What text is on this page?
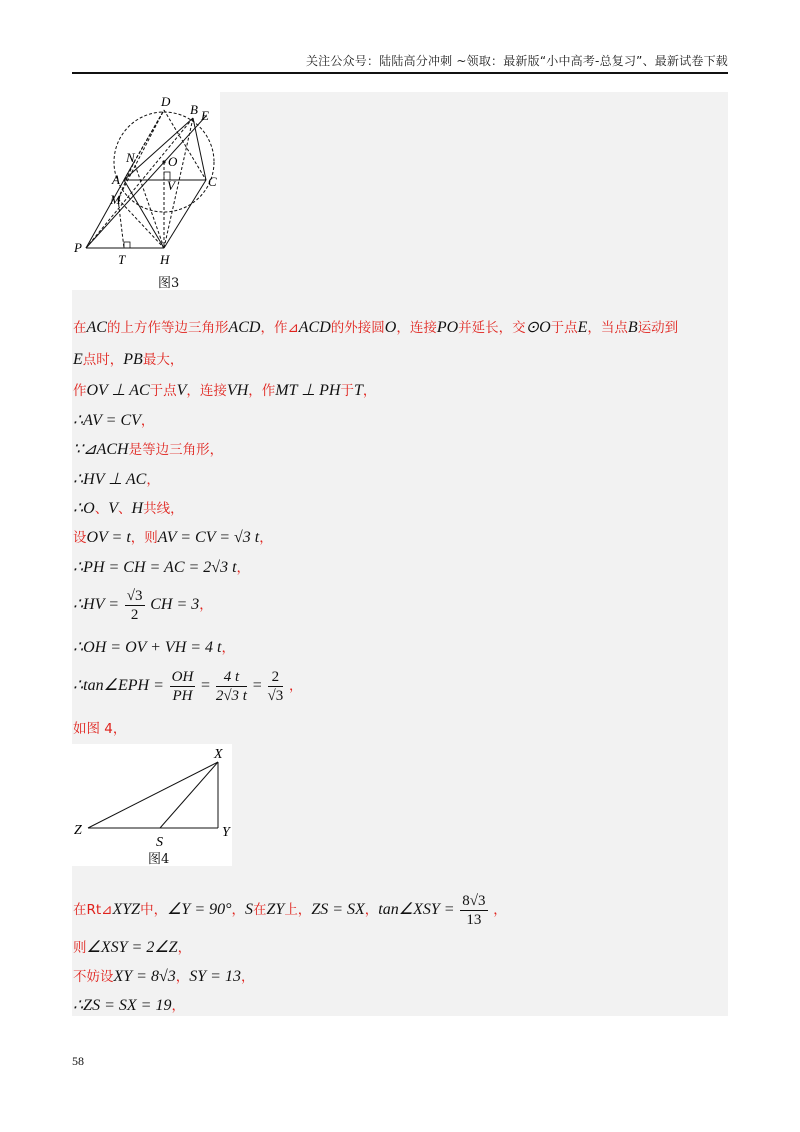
关注公众号：陆陆高分冲刺 ~领取：最新版“小中高考-总复习”、最新试卷下载
D
B E
N	O
A	V	C
M
P
T	H
图3
在AC的上方作等边三角形ACD，作⊿ACD的外接圆O，连接PO并延长，交⊙O于点E，当点B运动到
E点时，PB最大，
作OV ⊥ AC于点V，连接VH，作MT ⊥ PH于T，
∴AV = CV，
∵⊿ACH是等边三角形，
∴HV ⊥ AC，
∴O、V、H共线，
设OV = t，则AV = CV = √3 t，
∴PH = CH = AC = 2√3 t，
∴HV = $\frac{√3}{2}$ CH = 3，
∴OH = OV + VH = 4 t，
∴tan∠EPH = $\frac{OH}{PH} = \frac{4 t}{2√3 t} = \frac{2}{√3}$ ，
如图 4，
X
Z
S
Y
图4
在Rt⊿XYZ中，∠Y = 90°，S在ZY上，ZS = SX，tan∠XSY = $\frac{8√3}{13}$ ，
则∠XSY = 2∠Z，
不妨设XY = 8√3，SY = 13，
∴ZS = SX = 19，
58
